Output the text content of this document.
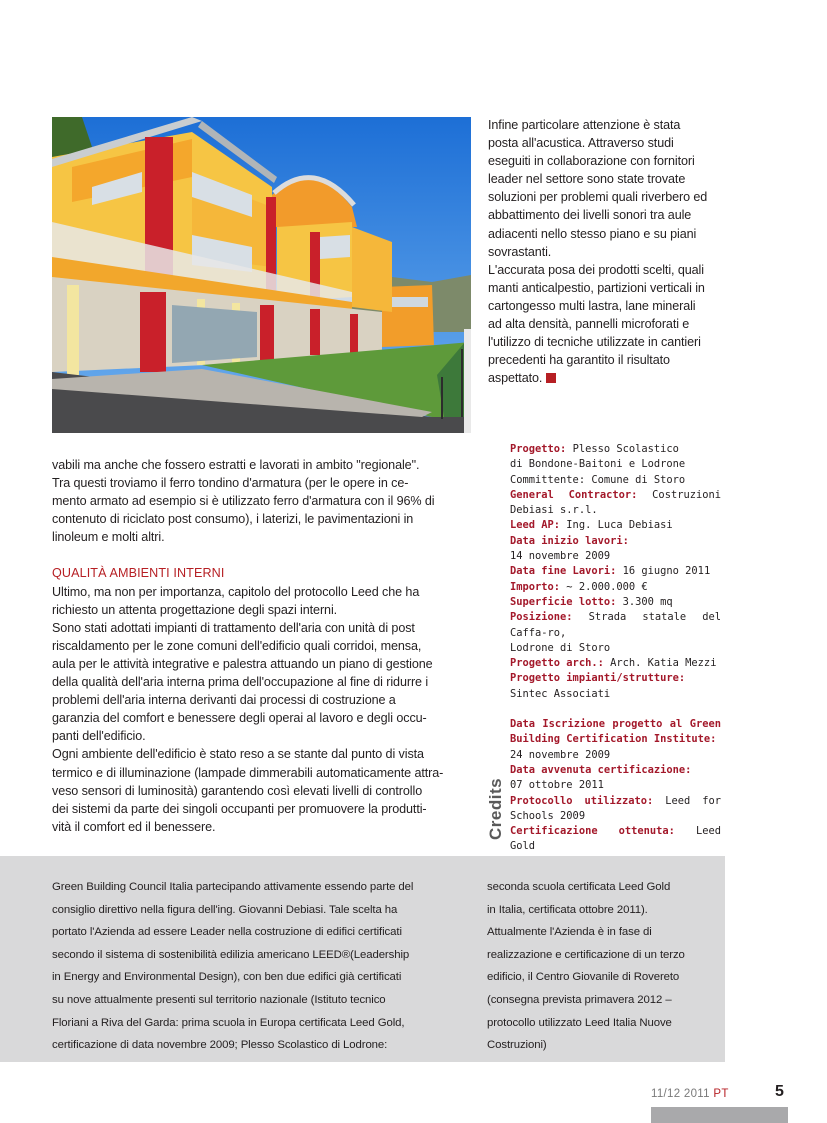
Infine particolare attenzione è stata
posta all'acustica. Attraverso studi
eseguiti in collaborazione con fornitori
leader nel settore sono state trovate
soluzioni per problemi quali riverbero ed
abbattimento dei livelli sonori tra aule
adiacenti nello stesso piano e su piani
sovrastanti.
L'accurata posa dei prodotti scelti, quali
manti anticalpestio, partizioni verticali in
cartongesso multi lastra, lane minerali
ad alta densità, pannelli microforati e
l'utilizzo di tecniche utilizzate in cantieri
precedenti ha garantito il risultato
aspettato.

vabili ma anche che fossero estratti e lavorati in ambito "regionale".
Tra questi troviamo il ferro tondino d'armatura (per le opere in ce-
mento armato ad esempio si è utilizzato ferro d'armatura con il 96% di
contenuto di riciclato post consumo), i laterizi, le pavimentazioni in
linoleum e molti altri.

QUALITÀ AMBIENTI INTERNI

Ultimo, ma non per importanza, capitolo del protocollo Leed che ha
richiesto un attenta progettazione degli spazi interni.
Sono stati adottati impianti di trattamento dell'aria con unità di post
riscaldamento per le zone comuni dell'edificio quali corridoi, mensa,
aula per le attività integrative e palestra attuando un piano di gestione
della qualità dell'aria interna prima dell'occupazione al fine di ridurre i
problemi dell'aria interna derivanti dai processi di costruzione a
garanzia del comfort e benessere degli operai al lavoro e degli occu-
panti dell'edificio.
Ogni ambiente dell'edificio è stato reso a se stante dal punto di vista
termico e di illuminazione (lampade dimmerabili automaticamente attra-
veso sensori di luminosità) garantendo così elevati livelli di controllo
dei sistemi da parte dei singoli occupanti per promuovere la produtti-
vità il comfort ed il benessere.	Credits

Progetto: Plesso Scolastico

di Bondone-Baitoni e Lodrone

Committente: Comune di Storo

General Contractor: Costruzioni Debiasi s.r.l.

Leed AP: Ing. Luca Debiasi

Data inizio lavori:

14 novembre 2009

Data fine Lavori: 16 giugno 2011

Importo: ~ 2.000.000 €

Superficie lotto: 3.300 mq

Posizione: Strada statale del Caffa-ro,

Lodrone di Storo

Progetto arch.: Arch. Katia Mezzi

Progetto impianti/strutture:

Sintec Associati

Data Iscrizione progetto al Green Building Certification Institute:

24 novembre 2009

Data avvenuta certificazione:

07 ottobre 2011

Protocollo utilizzato: Leed for Schools 2009

Certificazione ottenuta: Leed Gold

Green Building Council Italia partecipando attivamente essendo parte del
consiglio direttivo nella figura dell'ing. Giovanni Debiasi. Tale scelta ha
portato l'Azienda ad essere Leader nella costruzione di edifici certificati
secondo il sistema di sostenibilità edilizia americano LEED®(Leadership
in Energy and Environmental Design), con ben due edifici già certificati
su nove attualmente presenti sul territorio nazionale (Istituto tecnico
Floriani a Riva del Garda: prima scuola in Europa certificata Leed Gold,
certificazione di data novembre 2009; Plesso Scolastico di Lodrone:
seconda scuola certificata Leed Gold
in Italia, certificata ottobre 2011).
Attualmente l'Azienda è in fase di
realizzazione e certificazione di un terzo
edificio, il Centro Giovanile di Rovereto
(consegna prevista primavera 2012 –
protocollo utilizzato Leed Italia Nuove
Costruzioni)
11/12 2011 PT	5
